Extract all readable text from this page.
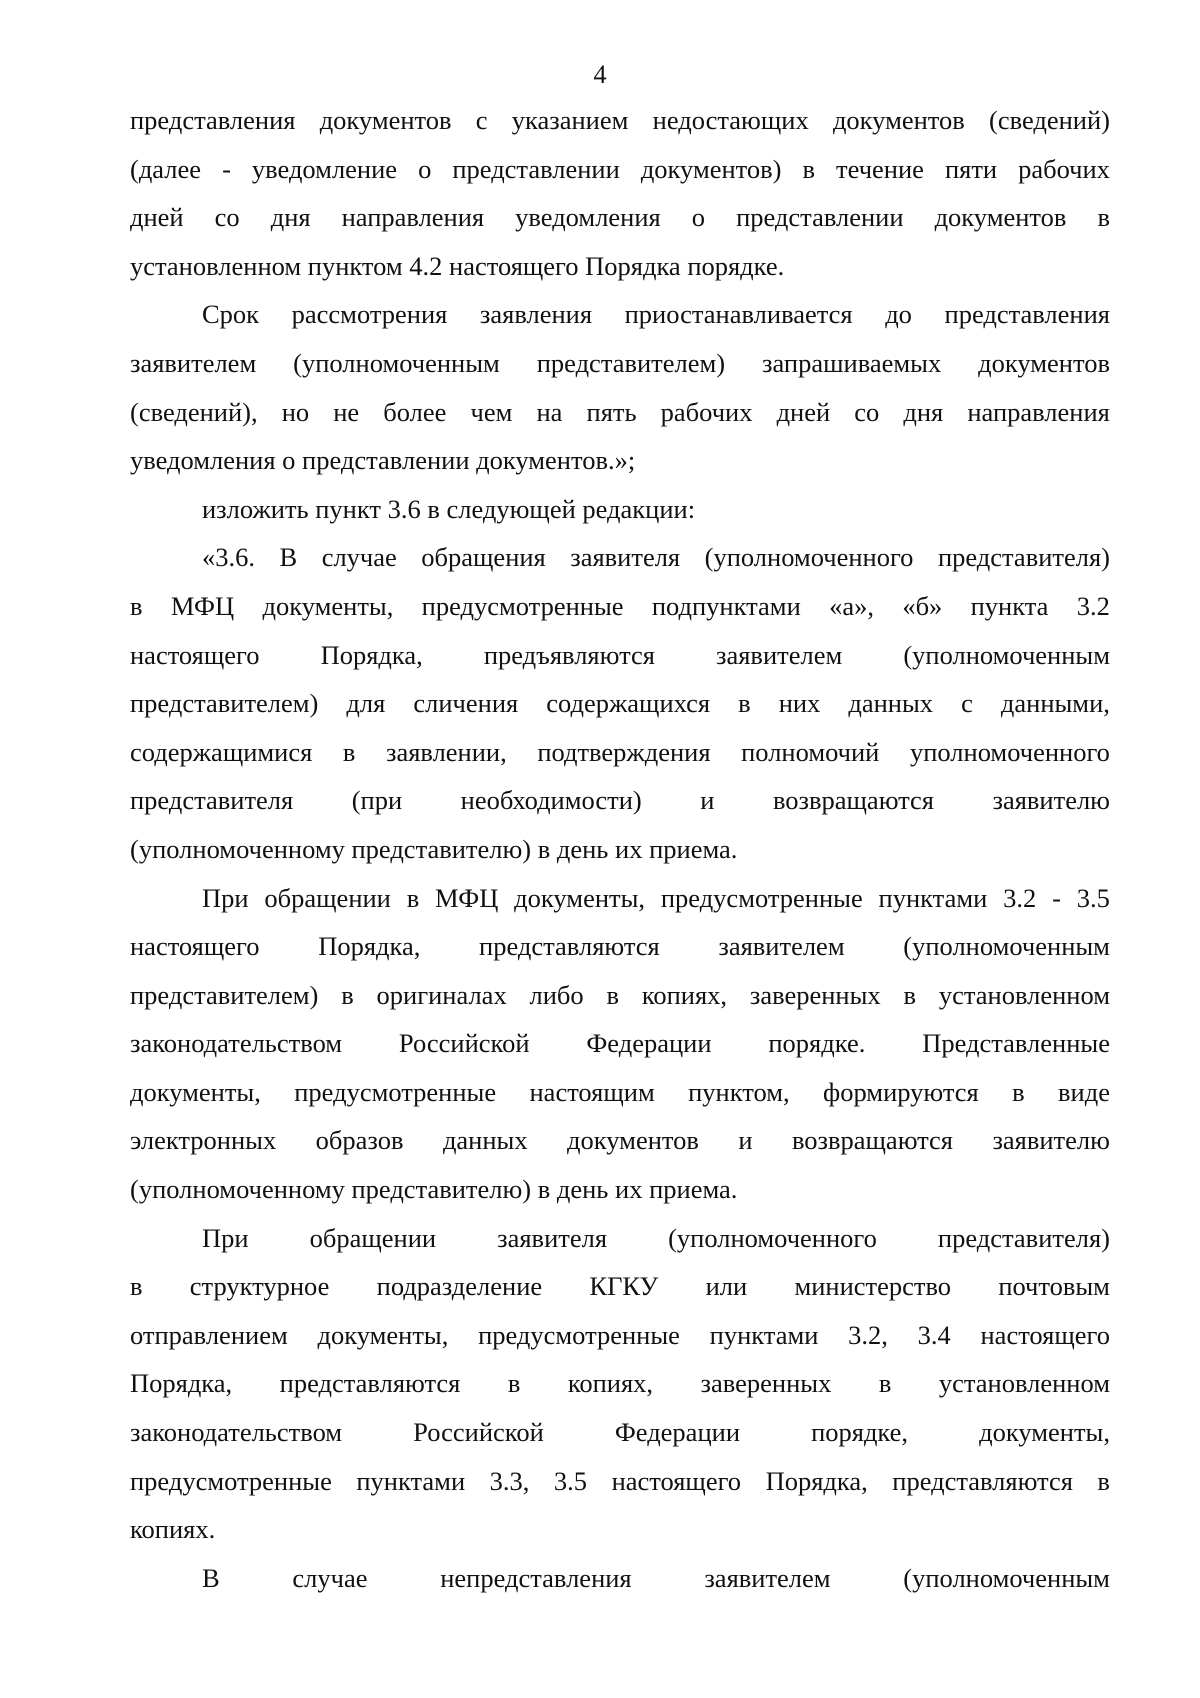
4
представления документов с указанием недостающих документов (сведений)
(далее - уведомление о представлении документов) в течение пяти рабочих
дней со дня направления уведомления о представлении документов в
установленном пунктом 4.2 настоящего Порядка порядке.
Срок рассмотрения заявления приостанавливается до представления
заявителем (уполномоченным представителем) запрашиваемых документов
(сведений), но не более чем на пять рабочих дней со дня направления
уведомления о представлении документов.»;
изложить пункт 3.6 в следующей редакции:
«3.6. В случае обращения заявителя (уполномоченного представителя)
в МФЦ документы, предусмотренные подпунктами «а», «б» пункта 3.2
настоящего Порядка, предъявляются заявителем (уполномоченным
представителем) для сличения содержащихся в них данных с данными,
содержащимися в заявлении, подтверждения полномочий уполномоченного
представителя (при необходимости) и возвращаются заявителю
(уполномоченному представителю) в день их приема.
При обращении в МФЦ документы, предусмотренные пунктами 3.2 - 3.5
настоящего Порядка, представляются заявителем (уполномоченным
представителем) в оригиналах либо в копиях, заверенных в установленном
законодательством Российской Федерации порядке. Представленные
документы, предусмотренные настоящим пунктом, формируются в виде
электронных образов данных документов и возвращаются заявителю
(уполномоченному представителю) в день их приема.
При обращении заявителя (уполномоченного представителя)
в структурное подразделение КГКУ или министерство почтовым
отправлением документы, предусмотренные пунктами 3.2, 3.4 настоящего
Порядка, представляются в копиях, заверенных в установленном
законодательством	Российской	Федерации	порядке,	документы,
предусмотренные пунктами 3.3, 3.5 настоящего Порядка, представляются в
копиях.
В	случае	непредставления	заявителем	(уполномоченным
